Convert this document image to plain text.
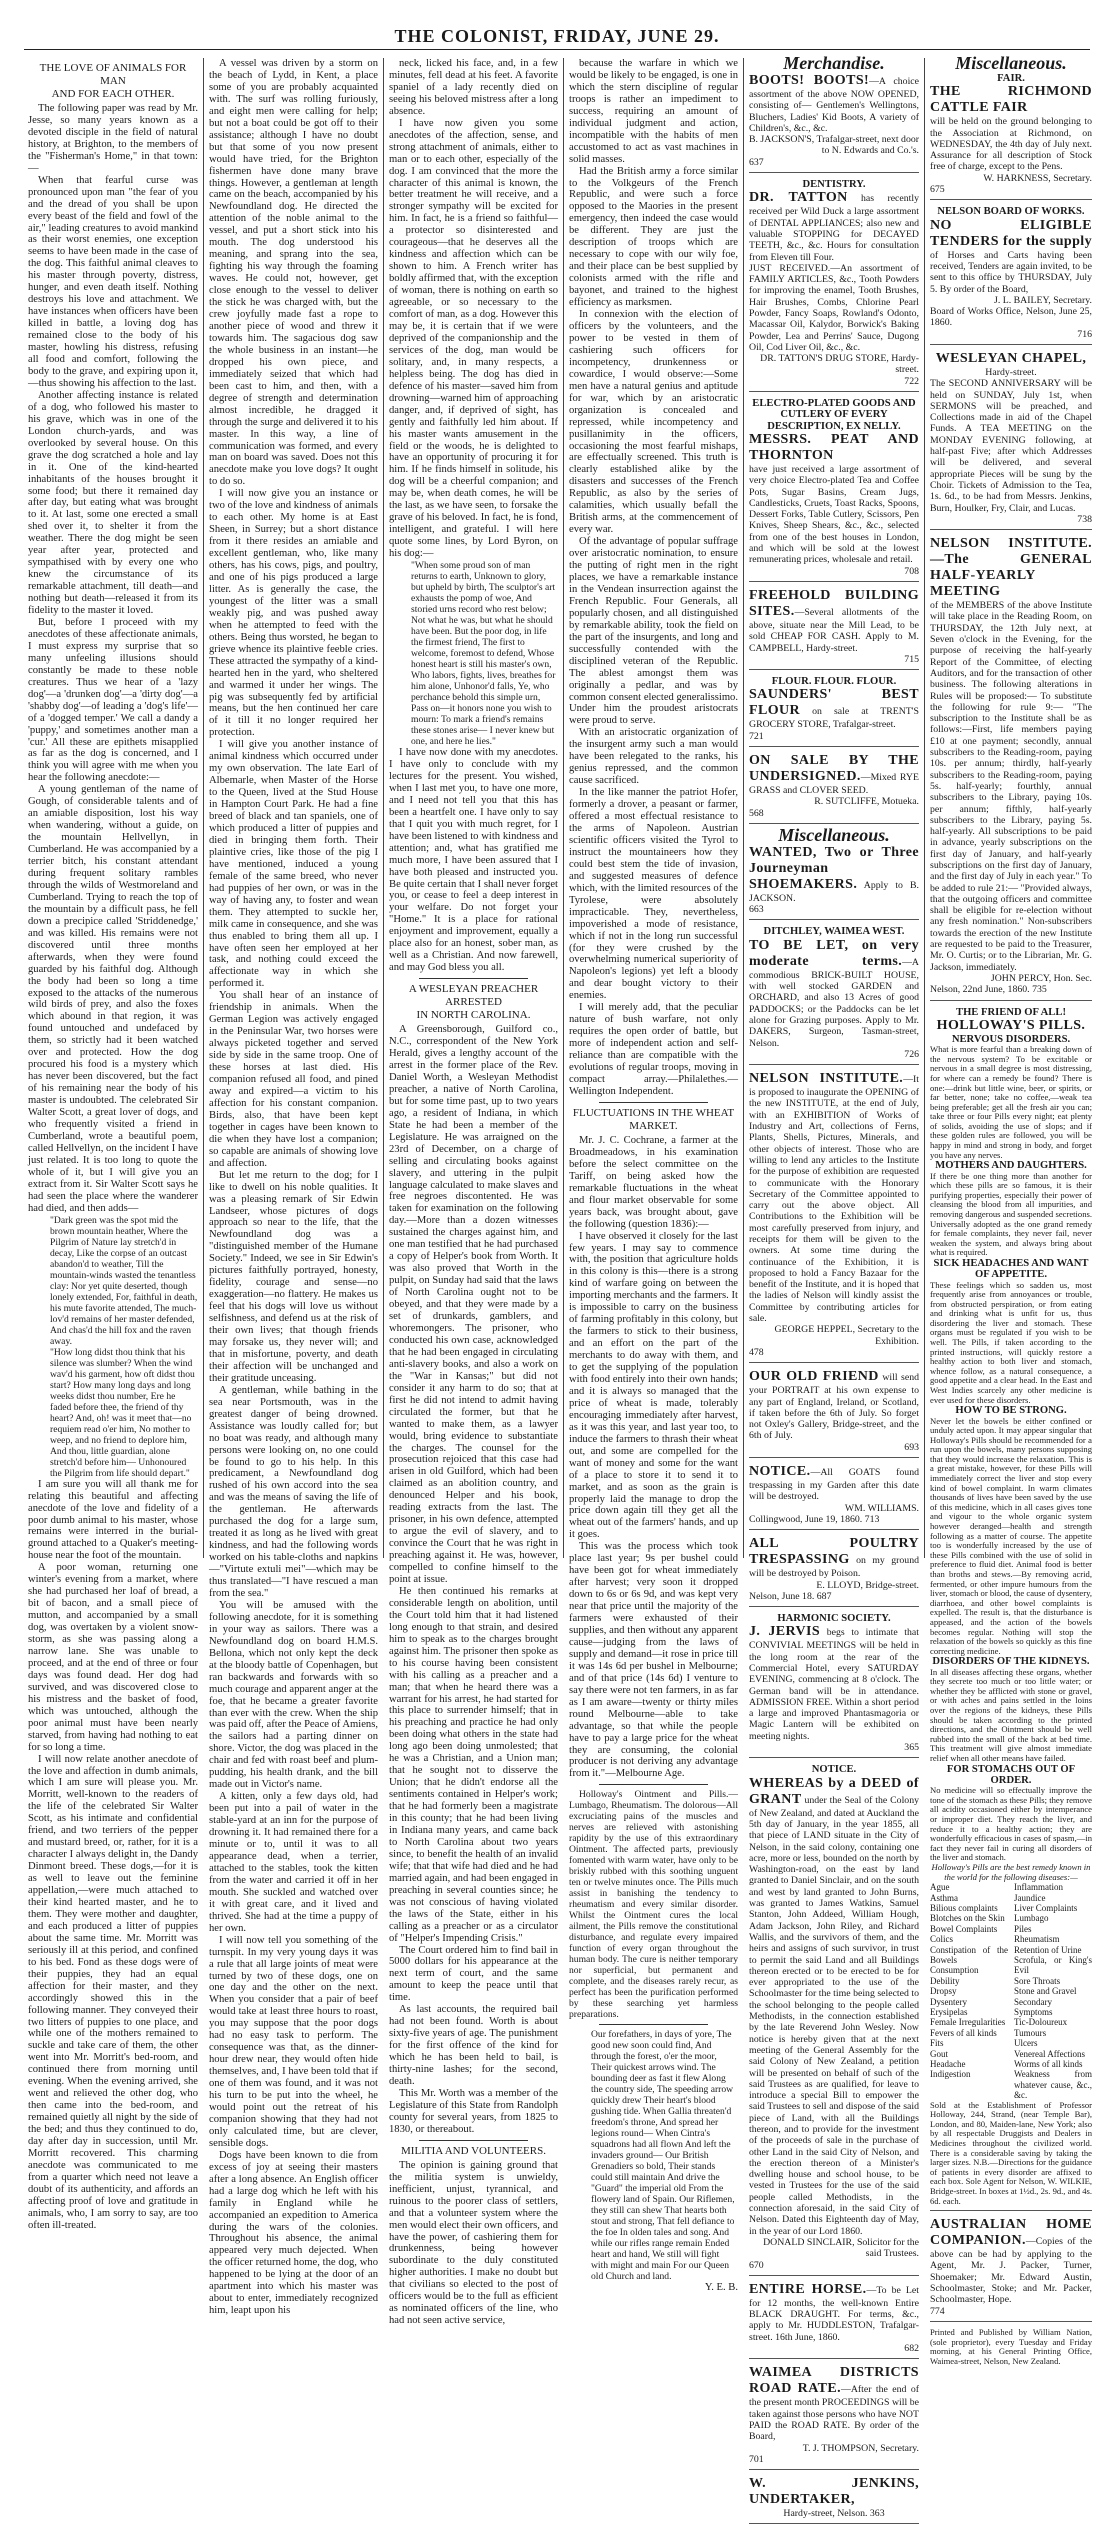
THE COLONIST, FRIDAY, JUNE 29.
THE LOVE OF ANIMALS FOR MAN
AND FOR EACH OTHER.

The following paper was read by Mr. Jesse, so many years known as a devoted disciple in the field of natural history, at Brighton, to the members of the "Fisherman's Home," in that town:—

When that fearful curse was pronounced upon man "the fear of you and the dread of you shall be upon every beast of the field and fowl of the air," leading creatures to avoid mankind as their worst enemies, one exception seems to have been made in the case of the dog. This faithful animal cleaves to his master through poverty, distress, hunger, and even death itself. Nothing destroys his love and attachment. We have instances when officers have been killed in battle, a loving dog has remained close to the body of his master, howling his distress, refusing all food and comfort, following the body to the grave, and expiring upon it,—thus showing his affection to the last.

Another affecting instance is related of a dog, who followed his master to his grave, which was in one of the London church-yards, and was overlooked by several house. On this grave the dog scratched a hole and lay in it. One of the kind-hearted inhabitants of the houses brought it some food; but there it remained day after day, but eating what was brought to it. At last, some one erected a small shed over it, to shelter it from the weather. There the dog might be seen year after year, protected and sympathised with by every one who knew the circumstance of its remarkable attachment, till death—and nothing but death—released it from its fidelity to the master it loved.

But, before I proceed with my anecdotes of these affectionate animals, I must express my surprise that so many unfeeling illusions should constantly be made to these noble creatures. Thus we hear of a 'lazy dog'—a 'drunken dog'—a 'dirty dog'—a 'shabby dog'—of leading a 'dog's life'—of a 'dogged temper.' We call a dandy a 'puppy,' and sometimes another man a 'cur.' All these are epithets misapplied as far as the dog is concerned, and I think you will agree with me when you hear the following anecdote:—

A young gentleman of the name of Gough, of considerable talents and of an amiable disposition, lost his way when wandering, without a guide, on the mountain Hellvellyn, in Cumberland. He was accompanied by a terrier bitch, his constant attendant during frequent solitary rambles through the wilds of Westmoreland and Cumberland. Trying to reach the top of the mountain by a difficult pass, he fell down a precipice called 'Striddenedge,' and was killed. His remains were not discovered until three months afterwards, when they were found guarded by his faithful dog. Although the body had been so long a time exposed to the attacks of the numerous wild birds of prey, and also the foxes which abound in that region, it was found untouched and undefaced by them, so strictly had it been watched over and protected. How the dog procured his food is a mystery which has never been discovered, but the fact of his remaining near the body of his master is undoubted. The celebrated Sir Walter Scott, a great lover of dogs, and who frequently visited a friend in Cumberland, wrote a beautiful poem, called Hellvellyn, on the incident I have just related. It is too long to quote the whole of it, but I will give you an extract from it. Sir Walter Scott says he had seen the place where the wanderer had died, and then adds—

"Dark green was the spot mid the brown mountain heather, Where the Pilgrim of Nature lay stretch'd in decay, Like the corpse of an outcast abandon'd to weather, Till the mountain-winds wasted the tenantless clay: Nor yet quite deserted, though lonely extended, For, faithful in death, his mute favorite attended, The much-lov'd remains of her master defended, And chas'd the hill fox and the raven away.

"How long didst thou think that his silence was slumber? When the wind wav'd his garment, how oft didst thou start? How many long days and long weeks didst thou number, Ere he faded before thee, the friend of thy heart? And, oh! was it meet that—no requiem read o'er him, No mother to weep, and no friend to deplore him, And thou, little guardian, alone stretch'd before him— Unhonoured the Pilgrim from life should depart."

I am sure you will all thank me for relating this beautiful and affecting anecdote of the love and fidelity of a poor dumb animal to his master, whose remains were interred in the burial-ground attached to a Quaker's meeting-house near the foot of the mountain.

A poor woman, returning one winter's evening from a market, where she had purchased her loaf of bread, a bit of bacon, and a small piece of mutton, and accompanied by a small dog, was overtaken by a violent snow-storm, as she was passing along a narrow lane. She was unable to proceed, and at the end of three or four days was found dead. Her dog had survived, and was discovered close to his mistress and the basket of food, which was untouched, although the poor animal must have been nearly starved, from having had nothing to eat for so long a time.

I will now relate another anecdote of the love and affection in dumb animals, which I am sure will please you. Mr. Morritt, well-known to the readers of the life of the celebrated Sir Walter Scott, as his intimate and confidential friend, and two terriers of the pepper and mustard breed, or, rather, for it is a character I always delight in, the Dandy Dinmont breed. These dogs,—for it is as well to leave out the feminine appellation,—were much attached to their kind hearted master, and he to them. They were mother and daughter, and each produced a litter of puppies about the same time. Mr. Morritt was seriously ill at this period, and confined to his bed. Fond as these dogs were of their puppies, they had an equal affection for their master, and they accordingly showed this in the following manner. They conveyed their two litters of puppies to one place, and while one of the mothers remained to suckle and take care of them, the other went into Mr. Morritt's bed-room, and continued there from morning until evening. When the evening arrived, she went and relieved the other dog, who then came into the bed-room, and remained quietly all night by the side of the bed; and thus they continued to do, day after day in succession, until Mr. Morritt recovered. This charming anecdote was communicated to me from a quarter which need not leave a doubt of its authenticity, and affords an affecting proof of love and gratitude in animals, who, I am sorry to say, are too often ill-treated.

A vessel was driven by a storm on the beach of Lydd, in Kent, a place some of you are probably acquainted with. The surf was rolling furiously, and eight men were calling for help; but not a boat could be got off to their assistance; although I have no doubt but that some of you now present would have tried, for the Brighton fishermen have done many brave things. However, a gentleman at length came on the beach, accompanied by his Newfoundland dog. He directed the attention of the noble animal to the vessel, and put a short stick into his mouth. The dog understood his meaning, and sprang into the sea, fighting his way through the foaming waves. He could not, however, get close enough to the vessel to deliver the stick he was charged with, but the crew joyfully made fast a rope to another piece of wood and threw it towards him. The sagacious dog saw the whole business in an instant—he dropped his own piece, and immediately seized that which had been cast to him, and then, with a degree of strength and determination almost incredible, he dragged it through the surge and delivered it to his master. In this way, a line of communication was formed, and every man on board was saved. Does not this anecdote make you love dogs? It ought to do so.

I will now give you an instance or two of the love and kindness of animals to each other. My home is at East Sheen, in Surrey; but a short distance from it there resides an amiable and excellent gentleman, who, like many others, has his cows, pigs, and poultry, and one of his pigs produced a large litter. As is generally the case, the youngest of the litter was a small weakly pig, and was pushed away when he attempted to feed with the others. Being thus worsted, he began to grieve whence its plaintive feeble cries. These attracted the sympathy of a kind-hearted hen in the yard, who sheltered and warmed it under her wings. The pig was subsequently fed by artificial means, but the hen continued her care of it till it no longer required her protection.

I will give you another instance of animal kindness which occurred under my own observation. The late Earl of Albemarle, when Master of the Horse to the Queen, lived at the Stud House in Hampton Court Park. He had a fine breed of black and tan spaniels, one of which produced a litter of puppies and died in bringing them forth. Their plaintive cries, like those of the pig I have mentioned, induced a young female of the same breed, who never had puppies of her own, or was in the way of having any, to foster and wean them. They attempted to suckle her, milk came in consequence, and she was thus enabled to bring them all up. I have often seen her employed at her task, and nothing could exceed the affectionate way in which she performed it.

You shall hear of an instance of friendship in animals. When the German Legion was actively engaged in the Peninsular War, two horses were always picketed together and served side by side in the same troop. One of these horses at last died. His companion refused all food, and pined away and expired—a victim to his affection for his constant companion. Birds, also, that have been kept together in cages have been known to die when they have lost a companion; so capable are animals of showing love and affection.

But let me return to the dog; for I like to dwell on his noble qualities. It was a pleasing remark of Sir Edwin Landseer, whose pictures of dogs approach so near to the life, that the Newfoundland dog was a "distinguished member of the Humane Society." Indeed, we see in Sir Edwin's pictures faithfully portrayed, honesty, fidelity, courage and sense—no exaggeration—no flattery. He makes us feel that his dogs will love us without selfishness, and defend us at the risk of their own lives; that though friends may forsake us, they never will; and that in misfortune, poverty, and death their affection will be unchanged and their gratitude unceasing.

A gentleman, while bathing in the sea near Portsmouth, was in the greatest danger of being drowned. Assistance was loudly called for; but no boat was ready, and although many persons were looking on, no one could be found to go to his help. In this predicament, a Newfoundland dog rushed of his own accord into the sea and was the means of saving the life of the gentleman. He afterwards purchased the dog for a large sum, treated it as long as he lived with great kindness, and had the following words worked on his table-cloths and napkins —"Virtute extuli mei"—which may be thus translated—"I have rescued a man from the sea."

You will be amused with the following anecdote, for it is something in your way as sailors. There was a Newfoundland dog on board H.M.S. Bellona, which not only kept the deck at the bloody battle of Copenhagen, but ran backwards and forwards with so much courage and apparent anger at the foe, that he became a greater favorite than ever with the crew. When the ship was paid off, after the Peace of Amiens, the sailors had a parting dinner on shore. Victor, the dog was placed in the chair and fed with roast beef and plum-pudding, his health drank, and the bill made out in Victor's name.

A kitten, only a few days old, had been put into a pail of water in the stable-yard at an inn for the purpose of drowning it. It had remained there for a minute or to, until it was to all appearance dead, when a terrier, attached to the stables, took the kitten from the water and carried it off in her mouth. She suckled and watched over it with great care, and it lived and thrived. She had at the time a puppy of her own.

I will now tell you something of the turnspit. In my very young days it was a rule that all large joints of meat were turned by two of these dogs, one on one day and the other on the next. When you consider that a pair of beef would take at least three hours to roast, you may suppose that the poor dogs had no easy task to perform. The consequence was that, as the dinner-hour drew near, they would often hide themselves, and, I have been told that if one of them was found, and it was not his turn to be put into the wheel, he would point out the retreat of his companion showing that they had not only calculated time, but are clever, sensible dogs.

Dogs have been known to die from excess of joy at seeing their masters after a long absence. An English officer had a large dog which he left with his family in England while he accompanied an expedition to America during the wars of the colonies. Throughout his absence, the animal appeared very much dejected. When the officer returned home, the dog, who happened to be lying at the door of an apartment into which his master was about to enter, immediately recognized him, leapt upon his

neck, licked his face, and, in a few minutes, fell dead at his feet. A favorite spaniel of a lady recently died on seeing his beloved mistress after a long absence.

I have now given you some anecdotes of the affection, sense, and strong attachment of animals, either to man or to each other, especially of the dog. I am convinced that the more the character of this animal is known, the better treatment he will receive, and a stronger sympathy will be excited for him. In fact, he is a friend so faithful—a protector so disinterested and courageous—that he deserves all the kindness and affection which can be shown to him. A French writer has boldly affirmed that, with the exception of woman, there is nothing on earth so agreeable, or so necessary to the comfort of man, as a dog. However this may be, it is certain that if we were deprived of the companionship and the services of the dog, man would be solitary, and, in many respects, a helpless being. The dog has died in defence of his master—saved him from drowning—warned him of approaching danger, and, if deprived of sight, has gently and faithfully led him about. If his master wants amusement in the field or the woods, he is delighted to have an opportunity of procuring it for him. If he finds himself in solitude, his dog will be a cheerful companion; and may be, when death comes, he will be the last, as we have seen, to forsake the grave of his beloved. In fact, he is fond, intelligent, and grateful. I will here quote some lines, by Lord Byron, on his dog:—

"When some proud son of man returns to earth, Unknown to glory, but upheld by birth, The sculptor's art exhausts the pomp of woe, And storied urns record who rest below; Not what he was, but what he should have been. But the poor dog, in life the firmest friend, The first to welcome, foremost to defend, Whose honest heart is still his master's own, Who labors, fights, lives, breathes for him alone, Unhonor'd falls, Ye, who perchance behold this simple urn, Pass on—it honors none you wish to mourn: To mark a friend's remains these stones arise— I never knew but one, and here he lies."

I have now done with my anecdotes. I have only to conclude with my lectures for the present. You wished, when I last met you, to have one more, and I need not tell you that this has been a heartfelt one. I have only to say that I quit you with much regret, for I have been listened to with kindness and attention; and, what has gratified me much more, I have been assured that I have both pleased and instructed you. Be quite certain that I shall never forget you, or cease to feel a deep interest in your welfare. Do not forget your "Home." It is a place for rational enjoyment and improvement, equally a place also for an honest, sober man, as well as a Christian. And now farewell, and may God bless you all.

A WESLEYAN PREACHER ARRESTED
IN NORTH CAROLINA.

A Greensborough, Guilford co., N.C., correspondent of the New York Herald, gives a lengthy account of the arrest in the former place of the Rev. Daniel Worth, a Wesleyan Methodist preacher, a native of North Carolina, but for some time past, up to two years ago, a resident of Indiana, in which State he had been a member of the Legislature. He was arraigned on the 23rd of December, on a charge of selling and circulating books against slavery, and uttering in the pulpit language calculated to make slaves and free negroes discontented. He was taken for examination on the following day.—More than a dozen witnesses sustained the charges against him, and one man testified that he had purchased a copy of Helper's book from Worth. It was also proved that Worth in the pulpit, on Sunday had said that the laws of North Carolina ought not to be obeyed, and that they were made by a set of drunkards, gamblers, and whoremongers. The prisoner, who conducted his own case, acknowledged that he had been engaged in circulating anti-slavery books, and also a work on the "War in Kansas;" but did not consider it any harm to do so; that at first he did not intend to admit having circulated the former, but that he wanted to make them, as a lawyer would, bring evidence to substantiate the charges. The counsel for the prosecution rejoiced that this case had arisen in old Guilford, which had been claimed as an abolition country, and denounced Helper and his book, reading extracts from the last. The prisoner, in his own defence, attempted to argue the evil of slavery, and to convince the Court that he was right in preaching against it. He was, however, compelled to confine himself to the point at issue.

He then continued his remarks at considerable length on abolition, until the Court told him that it had listened long enough to that strain, and desired him to speak as to the charges brought against him. The prisoner then spoke as to his course having been consistent with his calling as a preacher and a man; that when he heard there was a warrant for his arrest, he had started for this place to surrender himself; that in his preaching and practice he had only been doing what others in the state had long ago been doing unmolested; that he was a Christian, and a Union man; that he sought not to disserve the Union; that he didn't endorse all the sentiments contained in Helper's work; that he had formerly been a magistrate in this county; that he had been living in Indiana many years, and came back to North Carolina about two years since, to benefit the health of an invalid wife; that that wife had died and he had married again, and had been engaged in preaching in several counties since; he was not conscious of having violated the laws of the State, either in his calling as a preacher or as a circulator of "Helper's Impending Crisis."

The Court ordered him to find bail in 5000 dollars for his appearance at the next term of court, and the same amount to keep the peace until that time.

As last accounts, the required bail had not been found. Worth is about sixty-five years of age. The punishment for the first offence of the kind for which he has been held to bail, is thirty-nine lashes; for the second, death.

This Mr. Worth was a member of the Legislature of this State from Randolph county for several years, from 1825 to 1830, or thereabout.

MILITIA AND VOLUNTEERS.

The opinion is gaining ground that the militia system is unwieldy, inefficient, unjust, tyrannical, and ruinous to the poorer class of settlers, and that a volunteer system where the men would elect their own officers, and have the power, of cashiering them for drunkenness, being however subordinate to the duly constituted higher authorities. I make no doubt but that civilians so elected to the post of officers would be to the full as efficient as nominated officers of the line, who had not seen active service,

because the warfare in which we would be likely to be engaged, is one in which the stern discipline of regular troops is rather an impediment to success, requiring an amount of individual judgment and action, incompatible with the habits of men accustomed to act as vast machines in solid masses.

Had the British army a force similar to the Volkgeurs of the French Republic, and were such a force opposed to the Maories in the present emergency, then indeed the case would be different. They are just the description of troops which are necessary to cope with our wily foe, and their place can be best supplied by colonists armed with the rifle and bayonet, and trained to the highest efficiency as marksmen.

In connexion with the election of officers by the volunteers, and the power to be vested in them of cashiering such officers for incompetency, drunkenness or cowardice, I would observe:—Some men have a natural genius and aptitude for war, which by an aristocratic organization is concealed and repressed, while incompetency and pusillanimity in the officers, occasioning the most fearful mishaps, are effectually screened. This truth is clearly established alike by the disasters and successes of the French Republic, as also by the series of calamities, which usually befall the British arms, at the commencement of every war.

Of the advantage of popular suffrage over aristocratic nomination, to ensure the putting of right men in the right places, we have a remarkable instance in the Vendean insurrection against the French Republic. Four Generals, all popularly chosen, and all distinguished by remarkable ability, took the field on the part of the insurgents, and long and successfully contended with the disciplined veteran of the Republic. The ablest amongst them was originally a pedlar, and was by common consent elected generalissimo. Under him the proudest aristocrats were proud to serve.

With an aristocratic organization of the insurgent army such a man would have been relegated to the ranks, his genius repressed, and the common cause sacrificed.

In the like manner the patriot Hofer, formerly a drover, a peasant or farmer, offered a most effectual resistance to the arms of Napoleon. Austrian scientific officers visited the Tyrol to instruct the mountaineers how they could best stem the tide of invasion, and suggested measures of defence which, with the limited resources of the Tyrolese, were absolutely impracticable. They, nevertheless, impoverished a mode of resistance, which if not in the long run successful (for they were crushed by the overwhelming numerical superiority of Napoleon's legions) yet left a bloody and dear bought victory to their enemies.

I will merely add, that the peculiar nature of bush warfare, not only requires the open order of battle, but more of independent action and self-reliance than are compatible with the evolutions of regular troops, moving in compact array.—Philalethes.—Wellington Independent.

FLUCTUATIONS IN THE WHEAT MARKET.

Mr. J. C. Cochrane, a farmer at the Broadmeadows, in his examination before the select committee on the Tariff, on being asked how the remarkable fluctuations in the wheat and flour market observable for some years back, was brought about, gave the following (question 1836):—

I have observed it closely for the last few years. I may say to commence with, the position that agriculture holds in this colony is this—there is a strong kind of warfare going on between the importing merchants and the farmers. It is impossible to carry on the business of farming profitably in this colony, but the farmers to stick to their business, and an effort on the part of the merchants to do away with them, and to get the supplying of the population with food entirely into their own hands; and it is always so managed that the price of wheat is made, tolerably encouraging immediately after harvest, as it was this year, and last year too, to induce the farmers to thrash their wheat out, and some are compelled for the want of money and some for the want of a place to store it to send it to market, and as soon as the grain is properly laid the manage to drop the price down again till they get all the wheat out of the farmers' hands, and up it goes.

This was the process which took place last year; 9s per bushel could have been got for wheat immediately after harvest; very soon it dropped down to 6s or 6s 9d, and was kept very near that price until the majority of the farmers were exhausted of their supplies, and then without any apparent cause—judging from the laws of supply and demand—it rose in price till it was 14s 6d per bushel in Melbourne; and of that price (14s 6d) I venture to say there were not ten farmers, in as far as I am aware—twenty or thirty miles round Melbourne—able to take advantage, so that while the people have to pay a large price for the wheat they are consuming, the colonial producer is not deriving any advantage from it."—Melbourne Age.

Holloway's Ointment and Pills.—Lumbago, Rheumatism. The dolorous—All excruciating pains of the muscles and nerves are relieved with astonishing rapidity by the use of this extraordinary Ointment. The affected parts, previously fomented with warm water, have only to be briskly rubbed with this soothing unguent ten or twelve minutes once. The Pills much assist in banishing the tendency to rheumatism and every similar disorder. Whilst the Ointment cures the local ailment, the Pills remove the constitutional disturbance, and regulate every impaired function of every organ throughout the human body. The cure is neither temporary nor superficial, but permanent and complete, and the diseases rarely recur, as perfect has been the purification performed by these searching yet harmless preparations.

Our forefathers, in days of yore, The good new soon could find, And through the forest, o'er the moor, Their quickest arrows wind. The bounding deer as fast it flew Along the country side, The speeding arrow quickly drew Their heart's blood gushing tide. When Gallia threaten'd freedom's throne, And spread her legions round— When Cintra's squadrons had all flown And left the invaders ground— Our British Grenadiers so bold, Their stands could still maintain And drive the "Guard" the imperial old From the flowery land of Spain. Our Riflemen, they still can shew That hearts both stout and strong, That fell defiance to the foe In olden tales and song. And while our rifles range remain Ended heart and hand, We still will fight with might and main For our Queen old Church and land.

Y. E. B.

Merchandise.

BOOTS! BOOTS!—A choice assortment of the above NOW OPENED, consisting of— Gentlemen's Wellingtons, Bluchers, Ladies' Kid Boots, A variety of Children's, &c., &c.

B. JACKSON'S, Trafalgar-street, next door to N. Edwards and Co.'s.

637

DENTISTRY.

DR. TATTON has recently received per Wild Duck a large assortment of DENTAL APPLIANCES; also new and valuable STOPPING for DECAYED TEETH, &c., &c. Hours for consultation from Eleven till Four.

JUST RECEIVED.—An assortment of FAMILY ARTICLES, &c., Tooth Powders for improving the enamel, Tooth Brushes, Hair Brushes, Combs, Chlorine Pearl Powder, Fancy Soaps, Rowland's Odonto, Macassar Oil, Kalydor, Borwick's Baking Powder, Lea and Perrins' Sauce, Dugong Oil, Cod Liver Oil, &c., &c.

DR. TATTON'S DRUG STORE, Hardy-street.

722

ELECTRO-PLATED GOODS AND CUTLERY OF EVERY DESCRIPTION, EX NELLY.

MESSRS. PEAT AND THORNTON

have just received a large assortment of very choice Electro-plated Tea and Coffee Pots, Sugar Basins, Cream Jugs, Candlesticks, Cruets, Toast Racks, Spoons, Dessert Forks, Table Cutlery, Scissors, Pen Knives, Sheep Shears, &c., &c., selected from one of the best houses in London, and which will be sold at the lowest remunerating prices, wholesale and retail.

708

FREEHOLD BUILDING SITES.—Several allotments of the above, situate near the Mill Lead, to be sold CHEAP FOR CASH. Apply to M. CAMPBELL, Hardy-street.

715

FLOUR. FLOUR. FLOUR.

SAUNDERS' BEST FLOUR on sale at TRENT'S GROCERY STORE, Trafalgar-street.

721

ON SALE BY THE UNDERSIGNED.—Mixed RYE GRASS and CLOVER SEED.

R. SUTCLIFFE, Motueka.

568

Miscellaneous.

WANTED, Two or Three Journeyman SHOEMAKERS. Apply to B. JACKSON.

663

DITCHLEY, WAIMEA WEST.

TO BE LET, on very moderate terms.—A commodious BRICK-BUILT HOUSE, with well stocked GARDEN and ORCHARD, and also 13 Acres of good PADDOCKS; or the Paddocks can be let alone for Grazing purposes. Apply to Mr. DAKERS, Surgeon, Tasman-street, Nelson.

726

NELSON INSTITUTE.—It is proposed to inaugurate the OPENING of the new INSTITUTE, at the end of July, with an EXHIBITION of Works of Industry and Art, collections of Ferns, Plants, Shells, Pictures, Minerals, and other objects of interest. Those who are willing to lend any articles to the Institute for the purpose of exhibition are requested to communicate with the Honorary Secretary of the Committee appointed to carry out the above object. All Contributions to the Exhibition will be most carefully preserved from injury, and receipts for them will be given to the owners. At some time during the continuance of the Exhibition, it is proposed to hold a Fancy Bazaar for the benefit of the Institute, and it is hoped that the ladies of Nelson will kindly assist the Committee by contributing articles for sale.

GEORGE HEPPEL, Secretary to the Exhibition.

478

OUR OLD FRIEND will send your PORTRAIT at his own expense to any part of England, Ireland, or Scotland, if taken before the 6th of July. So forget not Oxley's Gallery, Bridge-street, and the 6th of July.

693

NOTICE.—All GOATS found trespassing in my Garden after this date will be destroyed.

WM. WILLIAMS.

Collingwood, June 19, 1860. 713

ALL POULTRY TRESPASSING on my ground will be destroyed by Poison.

E. LLOYD, Bridge-street.

Nelson, June 18. 687

HARMONIC SOCIETY.

J. JERVIS begs to intimate that CONVIVIAL MEETINGS will be held in the long room at the rear of the Commercial Hotel, every SATURDAY EVENING, commencing at 8 o'clock. The German band will be in attendance. ADMISSION FREE. Within a short period a large and improved Phantasmagoria or Magic Lantern will be exhibited on meeting nights.

365

NOTICE.

WHEREAS by a DEED of GRANT under the Seal of the Colony of New Zealand, and dated at Auckland the 5th day of January, in the year 1855, all that piece of LAND situate in the City of Nelson, in the said colony, containing one acre, more or less, bounded on the north by Washington-road, on the east by land granted to Daniel Sinclair, and on the south and west by land granted to John Burns, was granted to James Watkins, Samuel Stanton, John Addeed, William Hough, Adam Jackson, John Riley, and Richard Wallis, and the survivors of them, and the heirs and assigns of such survivor, in trust to permit the said Land and all Buildings thereon erected or to be erected to be for ever appropriated to the use of the Schoolmaster for the time being selected to the school belonging to the people called Methodists, in the connection established by the late Reverend John Wesley. Now notice is hereby given that at the next meeting of the General Assembly for the said Colony of New Zealand, a petition will be presented on behalf of such of the said Trustees as are qualified, for leave to introduce a special Bill to empower the said Trustees to sell and dispose of the said piece of Land, with all the Buildings thereon, and to provide for the investment of the proceeds of sale in the purchase of other Land in the said City of Nelson, and the erection thereon of a Minister's dwelling house and school house, to be vested in Trustees for the use of the said people called Methodists, in the connection aforesaid, in the said City of Nelson. Dated this Eighteenth day of May, in the year of our Lord 1860.

DONALD SINCLAIR, Solicitor for the said Trustees.

670

ENTIRE HORSE.—To be Let for 12 months, the well-known Entire BLACK DRAUGHT. For terms, &c., apply to Mr. HUDDLESTON, Trafalgar-street. 16th June, 1860.

682

WAIMEA DISTRICTS ROAD RATE.—After the end of the present month PROCEEDINGS will be taken against those persons who have NOT PAID the ROAD RATE. By order of the Board,

T. J. THOMPSON, Secretary.

701

W. JENKINS, UNDERTAKER,

Hardy-street, Nelson. 363

Miscellaneous.

FAIR.

THE RICHMOND CATTLE FAIR

will be held on the ground belonging to the Association at Richmond, on WEDNESDAY, the 4th day of July next. Assurance for all description of Stock free of charge, except to the Pens.

W. HARKNESS, Secretary.

675

NELSON BOARD OF WORKS.

NO ELIGIBLE TENDERS for the supply of Horses and Carts having been received, Tenders are again invited, to be sent to this office by THURSDAY, July 5. By order of the Board,

J. L. BAILEY, Secretary.

Board of Works Office, Nelson, June 25, 1860.

716

WESLEYAN CHAPEL,

Hardy-street.

The SECOND ANNIVERSARY will be held on SUNDAY, July 1st, when SERMONS will be preached, and Collections made in aid of the Chapel Funds. A TEA MEETING on the MONDAY EVENING following, at half-past Five; after which Addresses will be delivered, and several appropriate Pieces will be sung by the Choir. Tickets of Admission to the Tea, 1s. 6d., to be had from Messrs. Jenkins, Burn, Houlker, Fry, Clair, and Lucas.

738

NELSON INSTITUTE.—The GENERAL HALF-YEARLY MEETING

of the MEMBERS of the above Institute will take place in the Reading Room, on THURSDAY, the 12th July next, at Seven o'clock in the Evening, for the purpose of receiving the half-yearly Report of the Committee, of electing Auditors, and for the transaction of other business. The following alterations in Rules will be proposed:— To substitute the following for rule 9:— "The subscription to the Institute shall be as follows:—First, life members paying £10 at one payment; secondly, annual subscribers to the Reading-room, paying 10s. per annum; thirdly, half-yearly subscribers to the Reading-room, paying 5s. half-yearly; fourthly, annual subscribers to the Library, paying 10s. per annum; fifthly, half-yearly subscribers to the Library, paying 5s. half-yearly. All subscriptions to be paid in advance, yearly subscriptions on the first day of January, and half-yearly subscriptions on the first day of January, and the first day of July in each year." To be added to rule 21:— "Provided always, that the outgoing officers and committee shall be eligible for re-election without any fresh nomination." Non-subscribers towards the erection of the new Institute are requested to be paid to the Treasurer, Mr. O. Curtis; or to the Librarian, Mr. G. Jackson, immediately.

JOHN PERCY, Hon. Sec.

Nelson, 22nd June, 1860. 735

THE FRIEND OF ALL!

HOLLOWAY'S PILLS.

NERVOUS DISORDERS.

What is more fearful than a breaking down of the nervous system? To be excitable or nervous in a small degree is most distressing, for where can a remedy be found? There is one:—drink but little wine, beer, or spirits, or far better, none; take no coffee,—weak tea being preferable; get all the fresh air you can; take three or four Pills every night; eat plenty of solids, avoiding the use of slops; and if these golden rules are followed, you will be happy in mind and strong in body, and forget you have any nerves.

MOTHERS AND DAUGHTERS.

If there be one thing more than another for which these pills are so famous, it is their purifying properties, especially their power of cleansing the blood from all impurities, and removing dangerous and suspended secretions. Universally adopted as the one grand remedy for female complaints, they never fail, never weaken the system, and always bring about what is required.

SICK HEADACHES AND WANT OF APPETITE.

These feelings which so sadden us, most frequently arise from annoyances or trouble, from obstructed perspiration, or from eating and drinking what is unfit for us, thus disordering the liver and stomach. These organs must be regulated if you wish to be well. The Pills, if taken according to the printed instructions, will quickly restore a healthy action to both liver and stomach, whence follow, as a natural consequence, a good appetite and a clear head. In the East and West Indies scarcely any other medicine is ever used for these disorders.

HOW TO BE STRONG.

Never let the bowels be either confined or unduly acted upon. It may appear singular that Holloway's Pills should be recommended for a run upon the bowels, many persons supposing that they would increase the relaxation. This is a great mistake, however, for these Pills will immediately correct the liver and stop every kind of bowel complaint. In warm climates thousands of lives have been saved by the use of this medicine, which in all cases gives tone and vigour to the whole organic system however deranged—health and strength following as a matter of course. The appetite too is wonderfully increased by the use of these Pills combined with the use of solid in preference to fluid diet. Animal food is better than broths and stews.—By removing acrid, fermented, or other impure humours from the liver, stomach or blood, the cause of dysentery, diarrhoea, and other bowel complaints is expelled. The result is, that the disturbance is appeased, and the action of the bowels becomes regular. Nothing will stop the relaxation of the bowels so quickly as this fine correcting medicine.

DISORDERS OF THE KIDNEYS.

In all diseases affecting these organs, whether they secrete too much or too little water; or whether they be afflicted with stone or gravel, or with aches and pains settled in the loins over the regions of the kidneys, these Pills should be taken according to the printed directions, and the Ointment should be well rubbed into the small of the back at bed time. This treatment will give almost immediate relief when all other means have failed.

FOR STOMACHS OUT OF ORDER.

No medicine will so effectually improve the tone of the stomach as these Pills; they remove all acidity occasioned either by intemperance or improper diet. They reach the liver, and reduce it to a healthy action; they are wonderfully efficacious in cases of spasm,—in fact they never fail in curing all disorders of the liver and stomach.

Holloway's Pills are the best remedy known in the world for the following diseases:—

Ague
Asthma
Bilious complaints
Blotches on the Skin
Bowel Complaints
Colics
Constipation of the Bowels
Consumption
Debility
Dropsy
Dysentery
Erysipelas
Female Irregularities
Fevers of all kinds
Fits
Gout
Headache
Indigestion
Inflammation
Jaundice
Liver Complaints
Lumbago
Piles
Rheumatism
Retention of Urine
Scrofula, or King's Evil
Sore Throats
Stone and Gravel
Secondary Symptoms
Tic-Doloureux
Tumours
Ulcers
Venereal Affections
Worms of all kinds
Weakness from whatever cause, &c., &c.

Sold at the Establishment of Professor Holloway, 244, Strand, (near Temple Bar), London, and 80, Maiden-lane, New York; also by all respectable Druggists and Dealers in Medicines throughout the civilized world. There is a considerable saving by taking the larger sizes. N.B.—Directions for the guidance of patients in every disorder are affixed to each box. Sole Agent for Nelson, W. WILKIE, Bridge-street. In boxes at 1½d., 2s. 9d., and 4s. 6d. each.

AUSTRALIAN HOME COMPANION.—Copies of the above can be had by applying to the Agent, Mr. J. Packer, Turner, Shoemaker; Mr. Edward Austin, Schoolmaster, Stoke; and Mr. Packer, Schoolmaster, Hope.

774

Printed and Published by William Nation, (sole proprietor), every Tuesday and Friday morning, at his General Printing Office, Waimea-street, Nelson, New Zealand.
